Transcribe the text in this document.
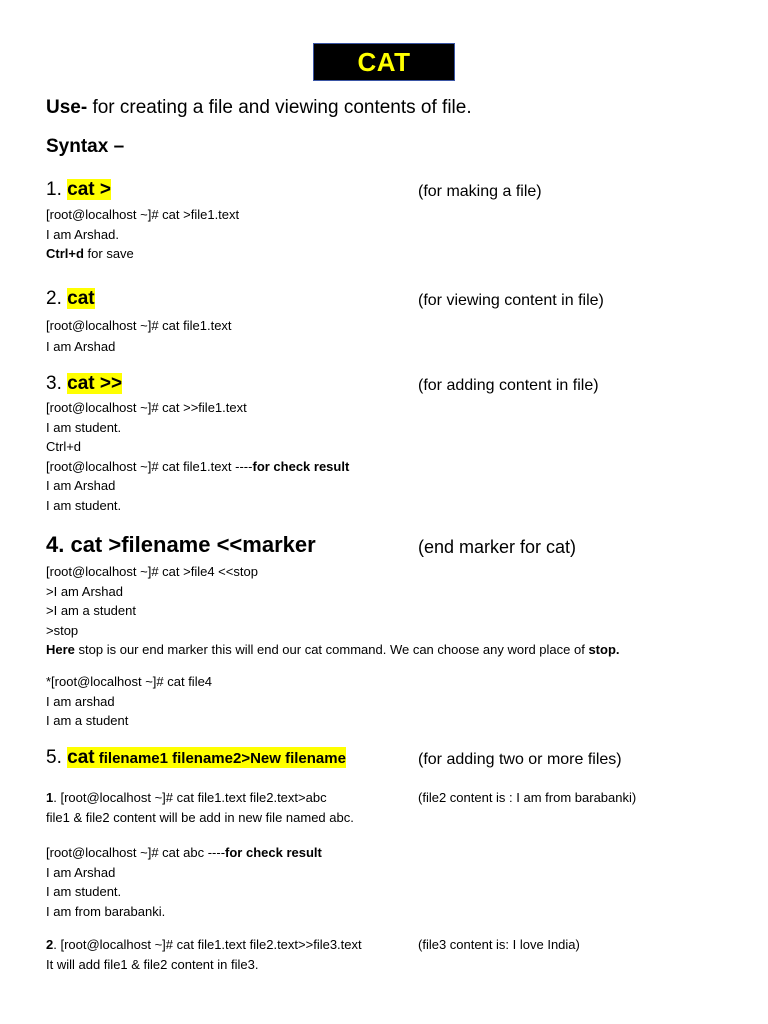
CAT
Use- for creating a file and viewing contents of file.
Syntax –
1. cat >	(for making a file)
[root@localhost ~]# cat >file1.text
I am Arshad.
Ctrl+d for save
2. cat	(for viewing content in file)
[root@localhost ~]# cat file1.text
I am Arshad
3. cat >>	(for adding content in file)
[root@localhost ~]# cat >>file1.text
I am student.
Ctrl+d
[root@localhost ~]# cat file1.text ----for check result
I am Arshad
I am student.
4. cat >filename <<marker	(end marker for cat)
[root@localhost ~]# cat >file4 <<stop
>I am Arshad
>I am a student
>stop
Here stop is our end marker this will end our cat command. We can choose any word place of stop.
*[root@localhost ~]# cat file4
I am arshad
I am a student
5. cat filename1 filename2>New filename	(for adding two or more files)
1. [root@localhost ~]# cat file1.text file2.text>abc	(file2 content is : I am from barabanki)
file1 & file2 content will be add in new file named abc.
[root@localhost ~]# cat abc ----for check result
I am Arshad
I am student.
I am from barabanki.
2. [root@localhost ~]# cat file1.text file2.text>>file3.text	(file3 content is: I love India)
It will add file1 & file2 content in file3.
